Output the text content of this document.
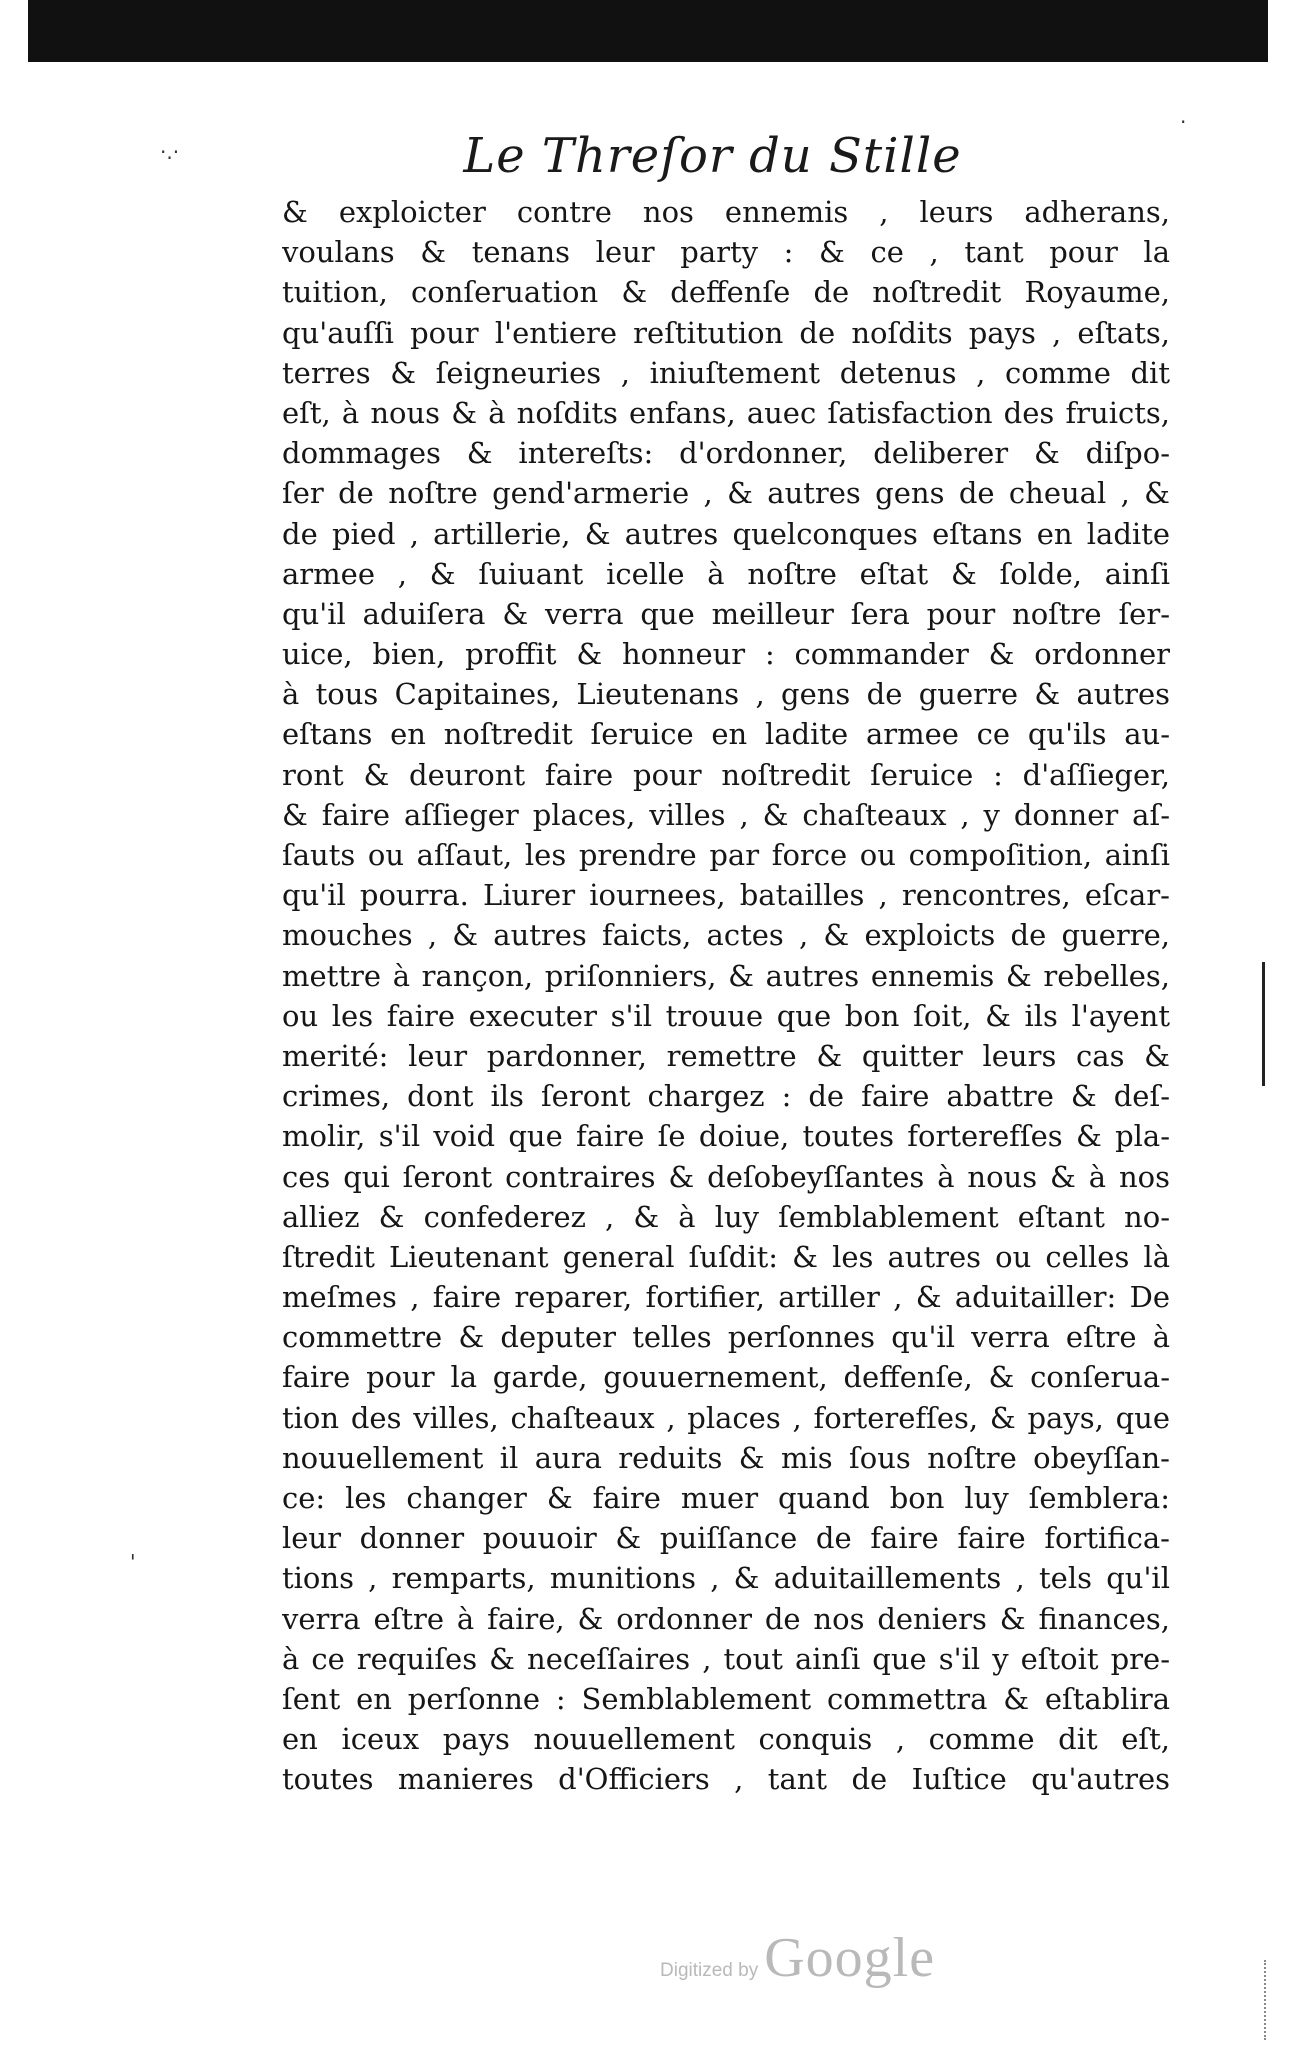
Le Threſor du Stille
·.·
·
'
& exploicter contre nos ennemis , leurs adherans,
voulans & tenans leur party : & ce , tant pour la
tuition, conſeruation & deffenſe de noſtredit Royaume,
qu'auſſi pour l'entiere reſtitution de noſdits pays , eſtats,
terres & ſeigneuries , iniuſtement detenus , comme dit
eſt, à nous & à noſdits enfans, auec ſatisfaction des fruicts,
dommages & intereſts: d'ordonner, deliberer & diſpo-
ſer de noſtre gend'armerie , & autres gens de cheual , &
de pied , artillerie, & autres quelconques eſtans en ladite
armee , & ſuiuant icelle à noſtre eſtat & ſolde, ainſi
qu'il aduiſera & verra que meilleur ſera pour noſtre ſer-
uice, bien, proffit & honneur : commander & ordonner
à tous Capitaines, Lieutenans , gens de guerre & autres
eſtans en noſtredit ſeruice en ladite armee ce qu'ils au-
ront & deuront faire pour noſtredit ſeruice : d'aſſieger,
& faire aſſieger places, villes , & chaſteaux , y donner aſ-
ſauts ou aſſaut, les prendre par force ou compoſition, ainſi
qu'il pourra. Liurer iournees, batailles , rencontres, eſcar-
mouches , & autres faicts, actes , & exploicts de guerre,
mettre à rançon, priſonniers, & autres ennemis & rebelles,
ou les faire executer s'il trouue que bon ſoit, & ils l'ayent
merité: leur pardonner, remettre & quitter leurs cas &
crimes, dont ils ſeront chargez : de faire abattre & deſ-
molir, s'il void que faire ſe doiue, toutes forterefſes & pla-
ces qui ſeront contraires & deſobeyſſantes à nous & à nos
alliez & confederez , & à luy ſemblablement eſtant no-
ſtredit Lieutenant general ſuſdit: & les autres ou celles là
meſmes , faire reparer, fortifier, artiller , & aduitailler: De
commettre & deputer telles perſonnes qu'il verra eſtre à
faire pour la garde, gouuernement, deffenſe, & conſerua-
tion des villes, chaſteaux , places , forterefſes, & pays, que
nouuellement il aura reduits & mis ſous noſtre obeyſſan-
ce: les changer & faire muer quand bon luy ſemblera:
leur donner pouuoir & puiſſance de faire faire fortifica-
tions , remparts, munitions , & aduitaillements , tels qu'il
verra eſtre à faire, & ordonner de nos deniers & finances,
à ce requiſes & neceſſaires , tout ainſi que s'il y eſtoit pre-
ſent en perſonne : Semblablement commettra & eſtablira
en iceux pays nouuellement conquis , comme dit eſt,
toutes manieres d'Officiers , tant de Iuſtice qu'autres
Digitized by Google
